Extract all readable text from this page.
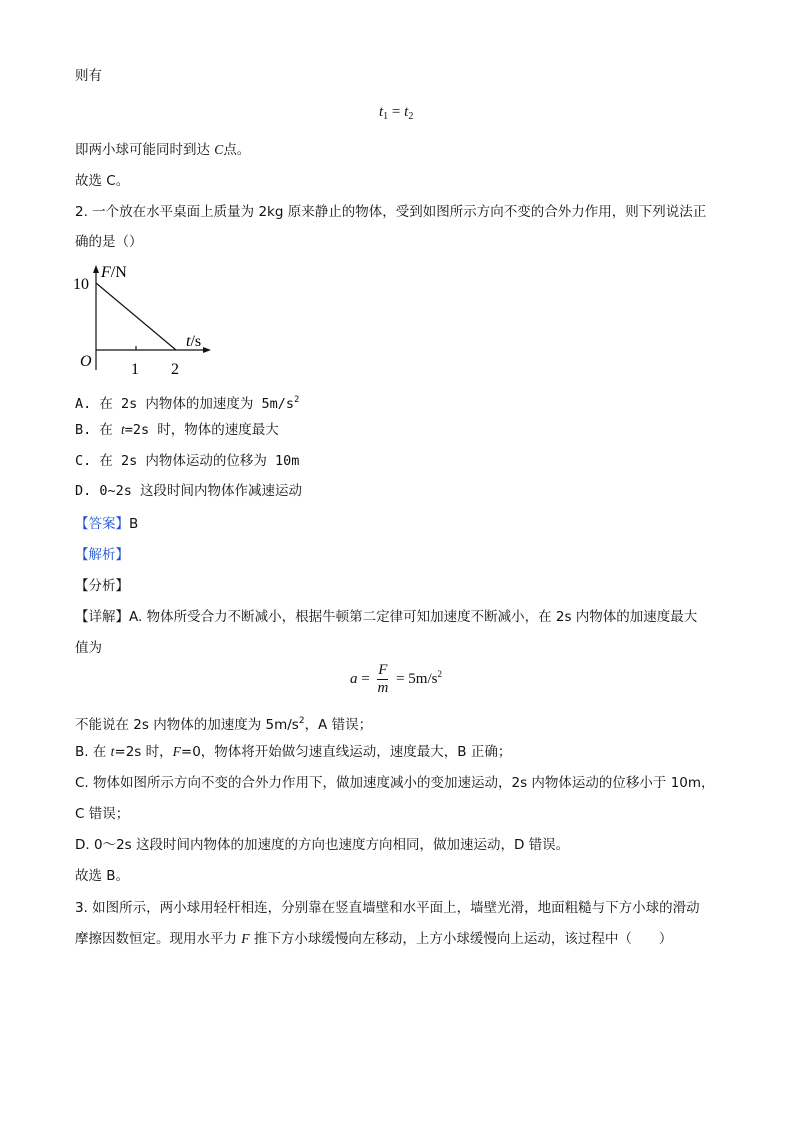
则有
$t_1 = t_2$
即两小球可能同时到达 C点。
故选 C。
2. 一个放在水平桌面上质量为 2kg 原来静止的物体，受到如图所示方向不变的合外力作用，则下列说法正
确的是（）
F/N
10
t/s
O 1 2
A. 在 2s 内物体的加速度为 $5m/s^2$
B. 在 t=2s 时，物体的速度最大
C. 在 2s 内物体运动的位移为 10m
D. 0~2s 这段时间内物体作减速运动
【答案】B
【解析】
【分析】
【详解】A. 物体所受合力不断减小，根据牛顿第二定律可知加速度不断减小，在 2s 内物体的加速度最大
值为
$a = \frac{F}{m} = 5m/s^2$
不能说在 2s 内物体的加速度为 $5m/s^2$，A 错误；
B. 在 t=2s 时，F=0，物体将开始做匀速直线运动，速度最大，B 正确；
C. 物体如图所示方向不变的合外力作用下，做加速度减小的变加速运动，2s 内物体运动的位移小于 10m，
C 错误；
D. 0～2s 这段时间内物体的加速度的方向也速度方向相同，做加速运动，D 错误。
故选 B。
3. 如图所示，两小球用轻杆相连，分别靠在竖直墙壁和水平面上，墙壁光滑，地面粗糙与下方小球的滑动
摩擦因数恒定。现用水平力 F 推下方小球缓慢向左移动，上方小球缓慢向上运动，该过程中（　　）
